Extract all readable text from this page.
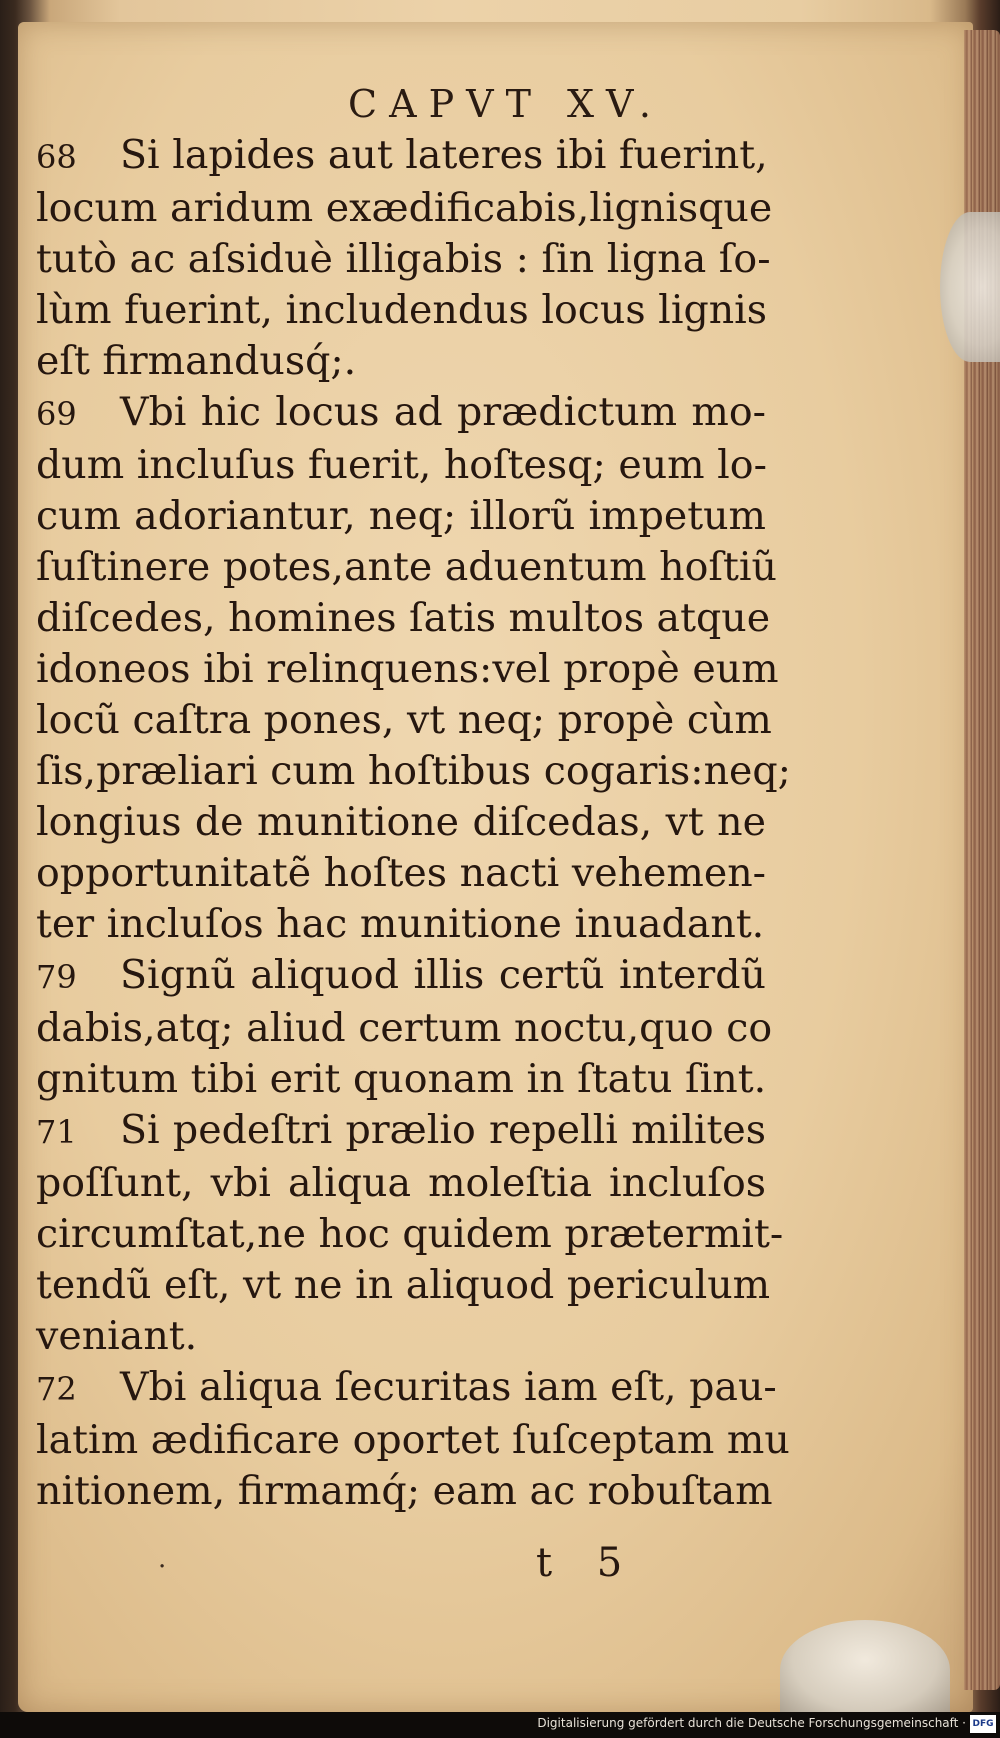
CAPVT XV.

68 Si lapides aut lateres ibi fuerint,
locum aridum exædificabis,lignisque
tutò ac aſsiduè illigabis : ſin ligna ſo-
lùm fuerint, includendus locus lignis
eſt firmandusq́;.

69 Vbi hic locus ad prædictum mo-
dum incluſus fuerit, hoſtesq; eum lo-
cum adoriantur, neq; illorũ impetum
ſuſtinere potes,ante aduentum hoſtiũ
diſcedes, homines ſatis multos atque
idoneos ibi relinquens:vel propè eum
locũ caſtra pones, vt neq; propè cùm
ſis,præliari cum hoſtibus cogaris:neq;
longius de munitione diſcedas, vt ne
opportunitatẽ hoſtes nacti vehemen-
ter incluſos hac munitione inuadant.

79 Signũ aliquod illis certũ interdũ
dabis,atq; aliud certum noctu,quo co
gnitum tibi erit quonam in ſtatu ſint.

71 Si pedeſtri prælio repelli milites
poſſunt, vbi aliqua moleſtia incluſos
circumſtat,ne hoc quidem prætermit-
tendũ eſt, vt ne in aliquod periculum
veniant.

72 Vbi aliqua ſecuritas iam eſt, pau-
latim ædificare oportet ſuſceptam mu
nitionem, firmamq́; eam ac robuſtam

·	t 5
Digitalisierung gefördert durch die Deutsche Forschungsgemeinschaft · DFG
